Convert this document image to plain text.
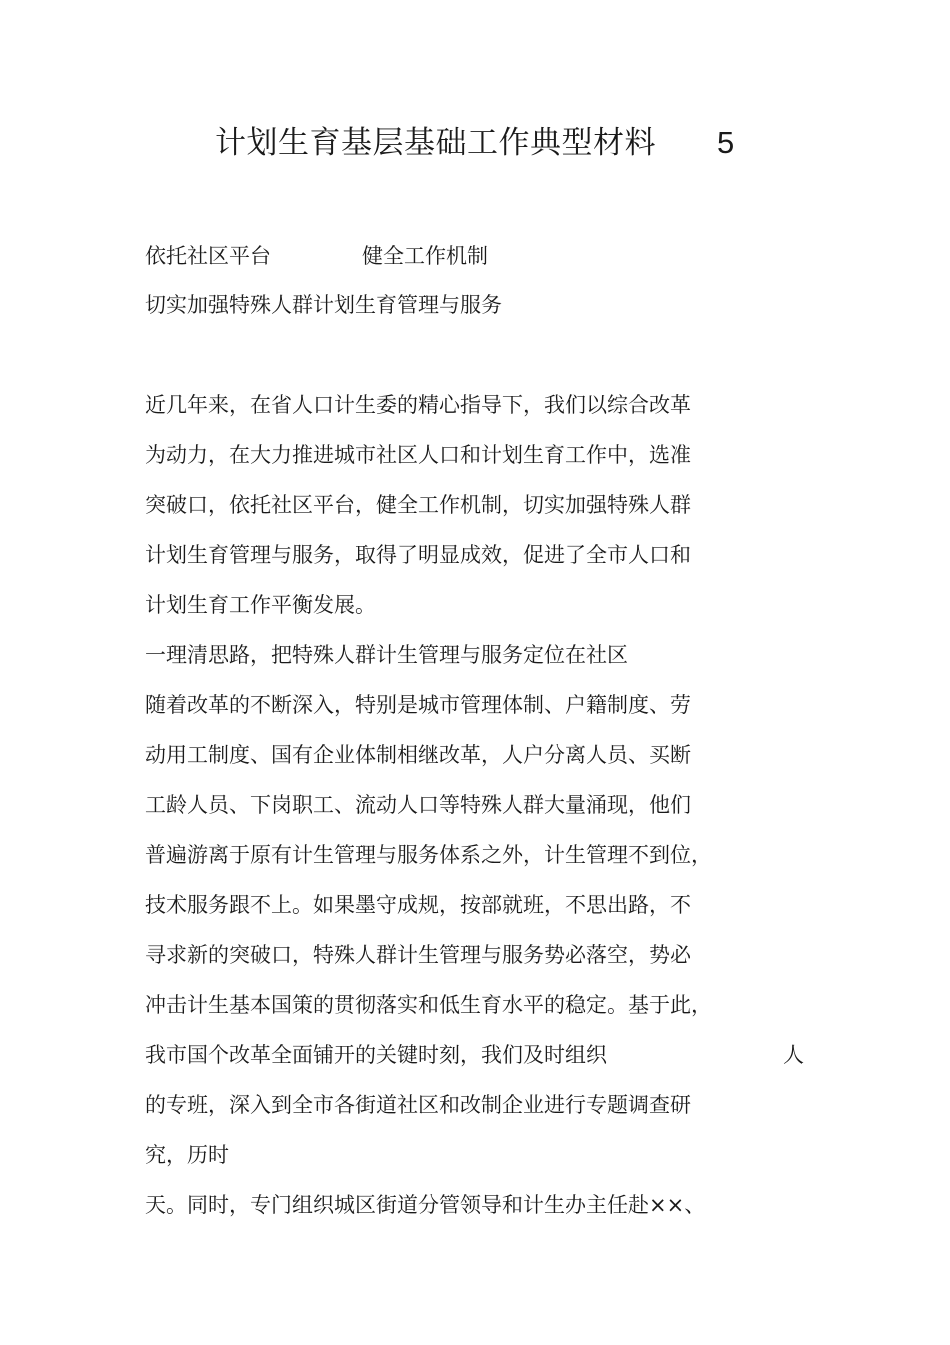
计划生育基层基础工作典型材料 5
依托社区平台	健全工作机制
切实加强特殊人群计划生育管理与服务
近几年来，在省人口计生委的精心指导下，我们以综合改革
为动力，在大力推进城市社区人口和计划生育工作中，选准
突破口，依托社区平台，健全工作机制，切实加强特殊人群
计划生育管理与服务，取得了明显成效，促进了全市人口和
计划生育工作平衡发展。
一理清思路，把特殊人群计生管理与服务定位在社区
随着改革的不断深入，特别是城市管理体制、户籍制度、劳
动用工制度、国有企业体制相继改革，人户分离人员、买断
工龄人员、下岗职工、流动人口等特殊人群大量涌现，他们
普遍游离于原有计生管理与服务体系之外，计生管理不到位，
技术服务跟不上。如果墨守成规，按部就班，不思出路，不
寻求新的突破口，特殊人群计生管理与服务势必落空，势必
冲击计生基本国策的贯彻落实和低生育水平的稳定。基于此，
我市国个改革全面铺开的关键时刻，我们及时组织	人
的专班，深入到全市各街道社区和改制企业进行专题调查研
究，历时
天。同时，专门组织城区街道分管领导和计生办主任赴××、
